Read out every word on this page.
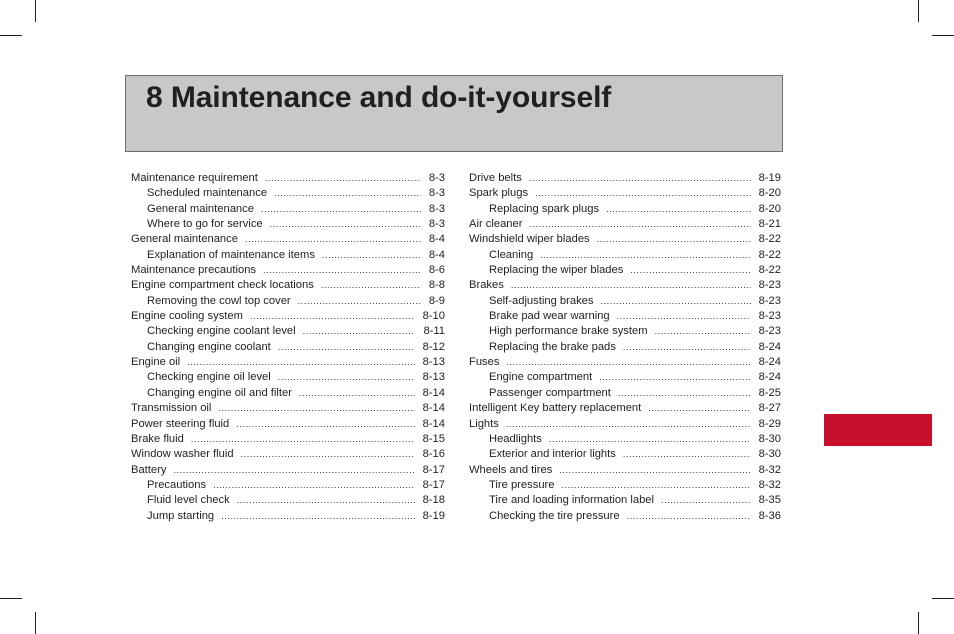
8 Maintenance and do-it-yourself
Maintenance requirement .....	8-3
Scheduled maintenance .....	8-3
General maintenance .....	8-3
Where to go for service .....	8-3
General maintenance .....	8-4
Explanation of maintenance items .....	8-4
Maintenance precautions .....	8-6
Engine compartment check locations .....	8-8
Removing the cowl top cover .....	8-9
Engine cooling system .....	8-10
Checking engine coolant level .....	8-11
Changing engine coolant .....	8-12
Engine oil .....	8-13
Checking engine oil level .....	8-13
Changing engine oil and filter .....	8-14
Transmission oil .....	8-14
Power steering fluid .....	8-14
Brake fluid .....	8-15
Window washer fluid .....	8-16
Battery .....	8-17
Precautions .....	8-17
Fluid level check .....	8-18
Jump starting .....	8-19
Drive belts .....	8-19
Spark plugs .....	8-20
Replacing spark plugs .....	8-20
Air cleaner .....	8-21
Windshield wiper blades .....	8-22
Cleaning .....	8-22
Replacing the wiper blades .....	8-22
Brakes .....	8-23
Self-adjusting brakes .....	8-23
Brake pad wear warning .....	8-23
High performance brake system .....	8-23
Replacing the brake pads .....	8-24
Fuses .....	8-24
Engine compartment .....	8-24
Passenger compartment .....	8-25
Intelligent Key battery replacement .....	8-27
Lights .....	8-29
Headlights .....	8-30
Exterior and interior lights .....	8-30
Wheels and tires .....	8-32
Tire pressure .....	8-32
Tire and loading information label .....	8-35
Checking the tire pressure .....	8-36
